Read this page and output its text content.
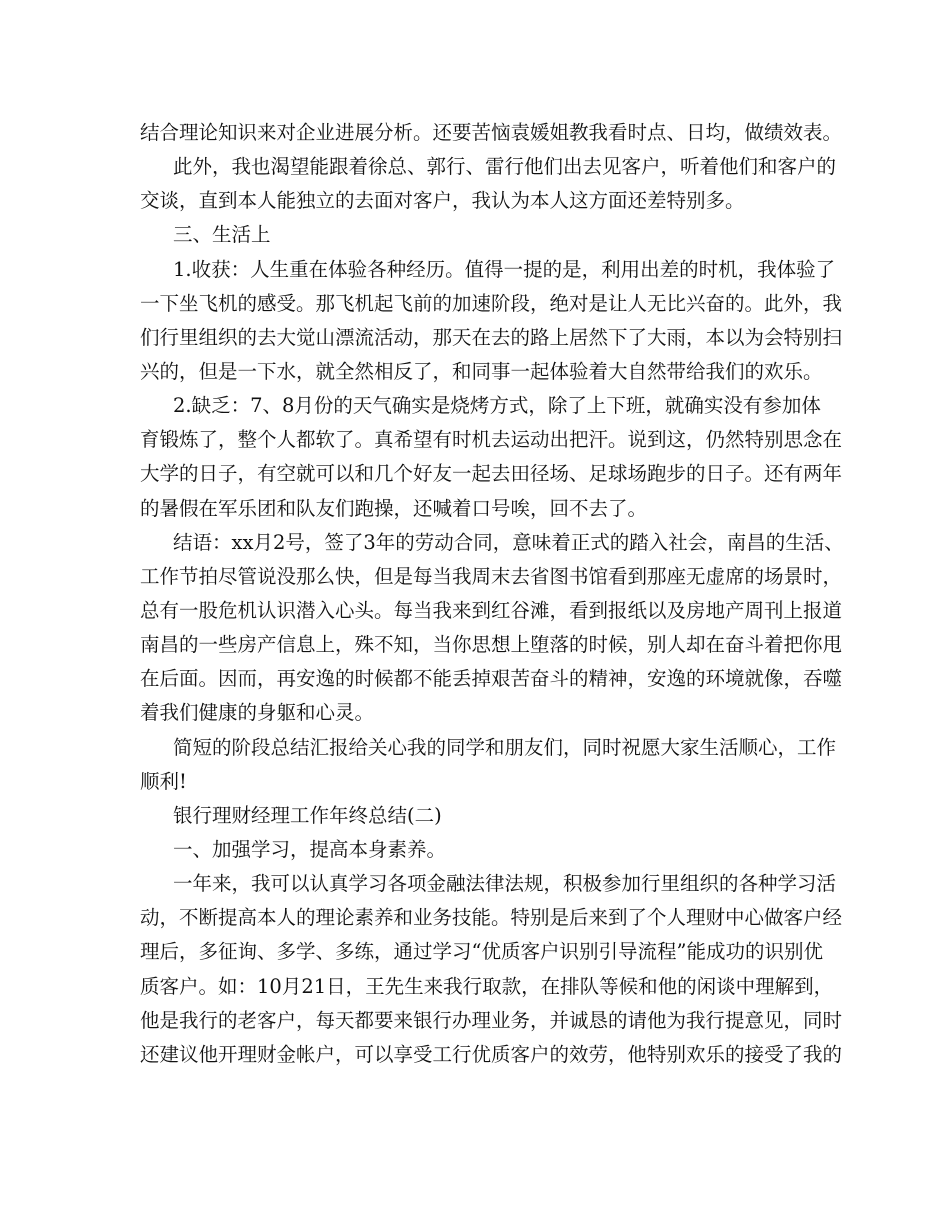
结合理论知识来对企业进展分析。还要苦恼袁媛姐教我看时点、日均，做绩效表。
此外，我也渴望能跟着徐总、郭行、雷行他们出去见客户，听着他们和客户的
交谈，直到本人能独立的去面对客户，我认为本人这方面还差特别多。
三、生活上
1.收获：人生重在体验各种经历。值得一提的是，利用出差的时机，我体验了
一下坐飞机的感受。那飞机起飞前的加速阶段，绝对是让人无比兴奋的。此外，我
们行里组织的去大觉山漂流活动，那天在去的路上居然下了大雨，本以为会特别扫
兴的，但是一下水，就全然相反了，和同事一起体验着大自然带给我们的欢乐。
2.缺乏：7、8月份的天气确实是烧烤方式，除了上下班，就确实没有参加体
育锻炼了，整个人都软了。真希望有时机去运动出把汗。说到这，仍然特别思念在
大学的日子，有空就可以和几个好友一起去田径场、足球场跑步的日子。还有两年
的暑假在军乐团和队友们跑操，还喊着口号唉，回不去了。
结语：xx月2号，签了3年的劳动合同，意味着正式的踏入社会，南昌的生活、
工作节拍尽管说没那么快，但是每当我周末去省图书馆看到那座无虚席的场景时，
总有一股危机认识潜入心头。每当我来到红谷滩，看到报纸以及房地产周刊上报道
南昌的一些房产信息上，殊不知，当你思想上堕落的时候，别人却在奋斗着把你甩
在后面。因而，再安逸的时候都不能丢掉艰苦奋斗的精神，安逸的环境就像，吞噬
着我们健康的身躯和心灵。
简短的阶段总结汇报给关心我的同学和朋友们，同时祝愿大家生活顺心，工作
顺利!
银行理财经理工作年终总结(二)
一、加强学习，提高本身素养。
一年来，我可以认真学习各项金融法律法规，积极参加行里组织的各种学习活
动，不断提高本人的理论素养和业务技能。特别是后来到了个人理财中心做客户经
理后，多征询、多学、多练，通过学习“优质客户识别引导流程”能成功的识别优
质客户。如：10月21日，王先生来我行取款，在排队等候和他的闲谈中理解到，
他是我行的老客户，每天都要来银行办理业务，并诚恳的请他为我行提意见，同时
还建议他开理财金帐户，可以享受工行优质客户的效劳，他特别欢乐的接受了我的
